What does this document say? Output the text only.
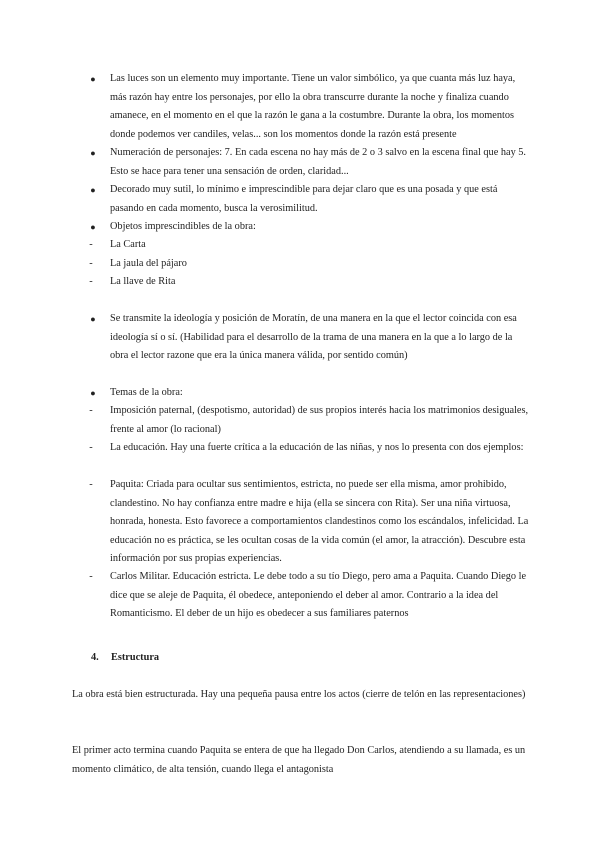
●	Las luces son un elemento muy importante. Tiene un valor simbólico, ya que cuanta más luz haya, más razón hay entre los personajes, por ello la obra transcurre durante la noche y finaliza cuando amanece, en el momento en el que la razón le gana a la costumbre. Durante la obra, los momentos donde podemos ver candiles, velas... son los momentos donde la razón está presente
●	Numeración de personajes: 7. En cada escena no hay más de 2 o 3 salvo en la escena final que hay 5. Esto se hace para tener una sensación de orden, claridad...
●	Decorado muy sutil, lo mínimo e imprescindible para dejar claro que es una posada y que está pasando en cada momento, busca la verosimilitud.
●	Objetos imprescindibles de la obra:
-	La Carta
-	La jaula del pájaro
-	La llave de Rita
●	Se transmite la ideología y posición de Moratín, de una manera en la que el lector coincida con esa ideología sí o sí. (Habilidad para el desarrollo de la trama de una manera en la que a lo largo de la obra el lector razone que era la única manera válida, por sentido común)
●	Temas de la obra:
-	Imposición paternal, (despotismo, autoridad) de sus propios interés hacia los matrimonios desiguales, frente al amor (lo racional)
-	La educación. Hay una fuerte crítica a la educación de las niñas, y nos lo presenta con dos ejemplos:
-	Paquita: Criada para ocultar sus sentimientos, estricta, no puede ser ella misma, amor prohibido, clandestino. No hay confianza entre madre e hija (ella se sincera con Rita). Ser una niña virtuosa, honrada, honesta. Esto favorece a comportamientos clandestinos como los escándalos, infelicidad. La educación no es práctica, se les ocultan cosas de la vida común (el amor, la atracción). Descubre esta información por sus propias experiencias.
-	Carlos Militar. Educación estricta. Le debe todo a su tío Diego, pero ama a Paquita. Cuando Diego le dice que se aleje de Paquita, él obedece, anteponiendo el deber al amor. Contrario a la idea del Romanticismo. El deber de un hijo es obedecer a sus familiares paternos
4. Estructura
La obra está bien estructurada. Hay una pequeña pausa entre los actos (cierre de telón en las representaciones)
El primer acto termina cuando Paquita se entera de que ha llegado Don Carlos, atendiendo a su llamada, es un momento climático, de alta tensión, cuando llega el antagonista
